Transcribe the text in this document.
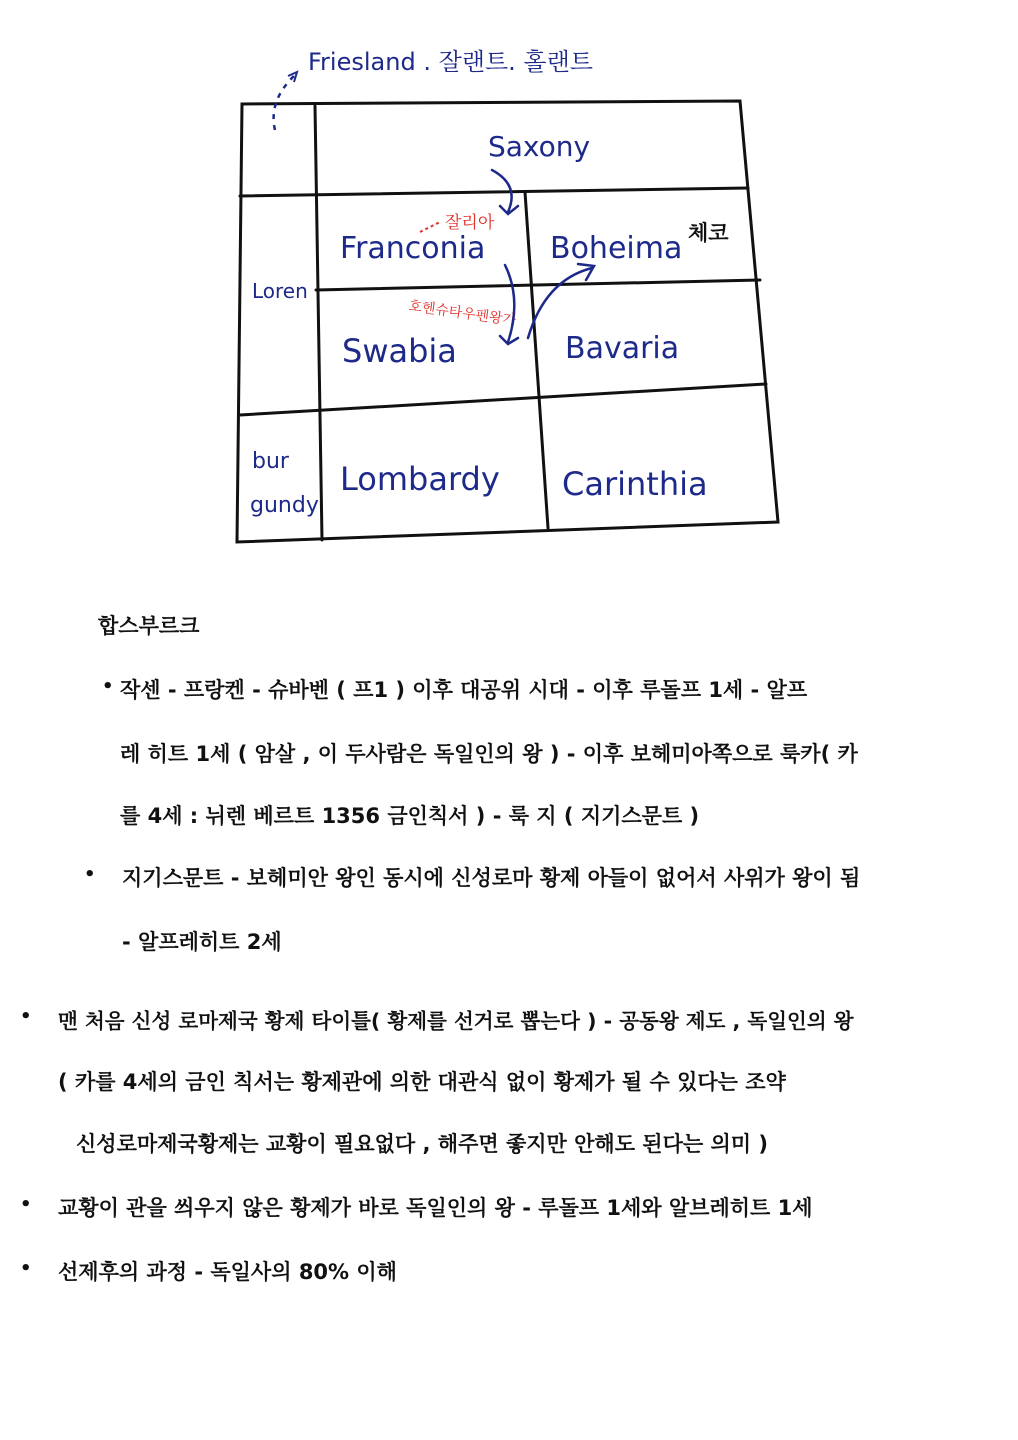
Friesland . 잘랜트. 홀랜트
Saxony
Franconia Boheima
Swabia	Bavaria
Lombardy Carinthia
Loren
bur
gundy
잘리아
호헨슈타우펜왕가
체코
합스부르크
• 작센 - 프랑켄 - 슈바벤 ( 프1 ) 이후 대공위 시대 - 이후 루돌프 1세 - 알프
레 히트 1세 ( 암살 , 이 두사람은 독일인의 왕 ) - 이후 보헤미아쪽으로 룩카( 카
를 4세 : 뉘렌 베르트 1356 금인칙서 ) - 룩 지 ( 지기스문트 )
• 지기스문트 - 보헤미안 왕인 동시에 신성로마 황제 아들이 없어서 사위가 왕이 됨
- 알프레히트 2세
• 맨 처음 신성 로마제국 황제 타이틀( 황제를 선거로 뽑는다 ) - 공동왕 제도 , 독일인의 왕
( 카를 4세의 금인 칙서는 황제관에 의한 대관식 없이 황제가 될 수 있다는 조약
신성로마제국황제는 교황이 필요없다 , 해주면 좋지만 안해도 된다는 의미 )
• 교황이 관을 씌우지 않은 황제가 바로 독일인의 왕 - 루돌프 1세와 알브레히트 1세
• 선제후의 과정 - 독일사의 80% 이해
